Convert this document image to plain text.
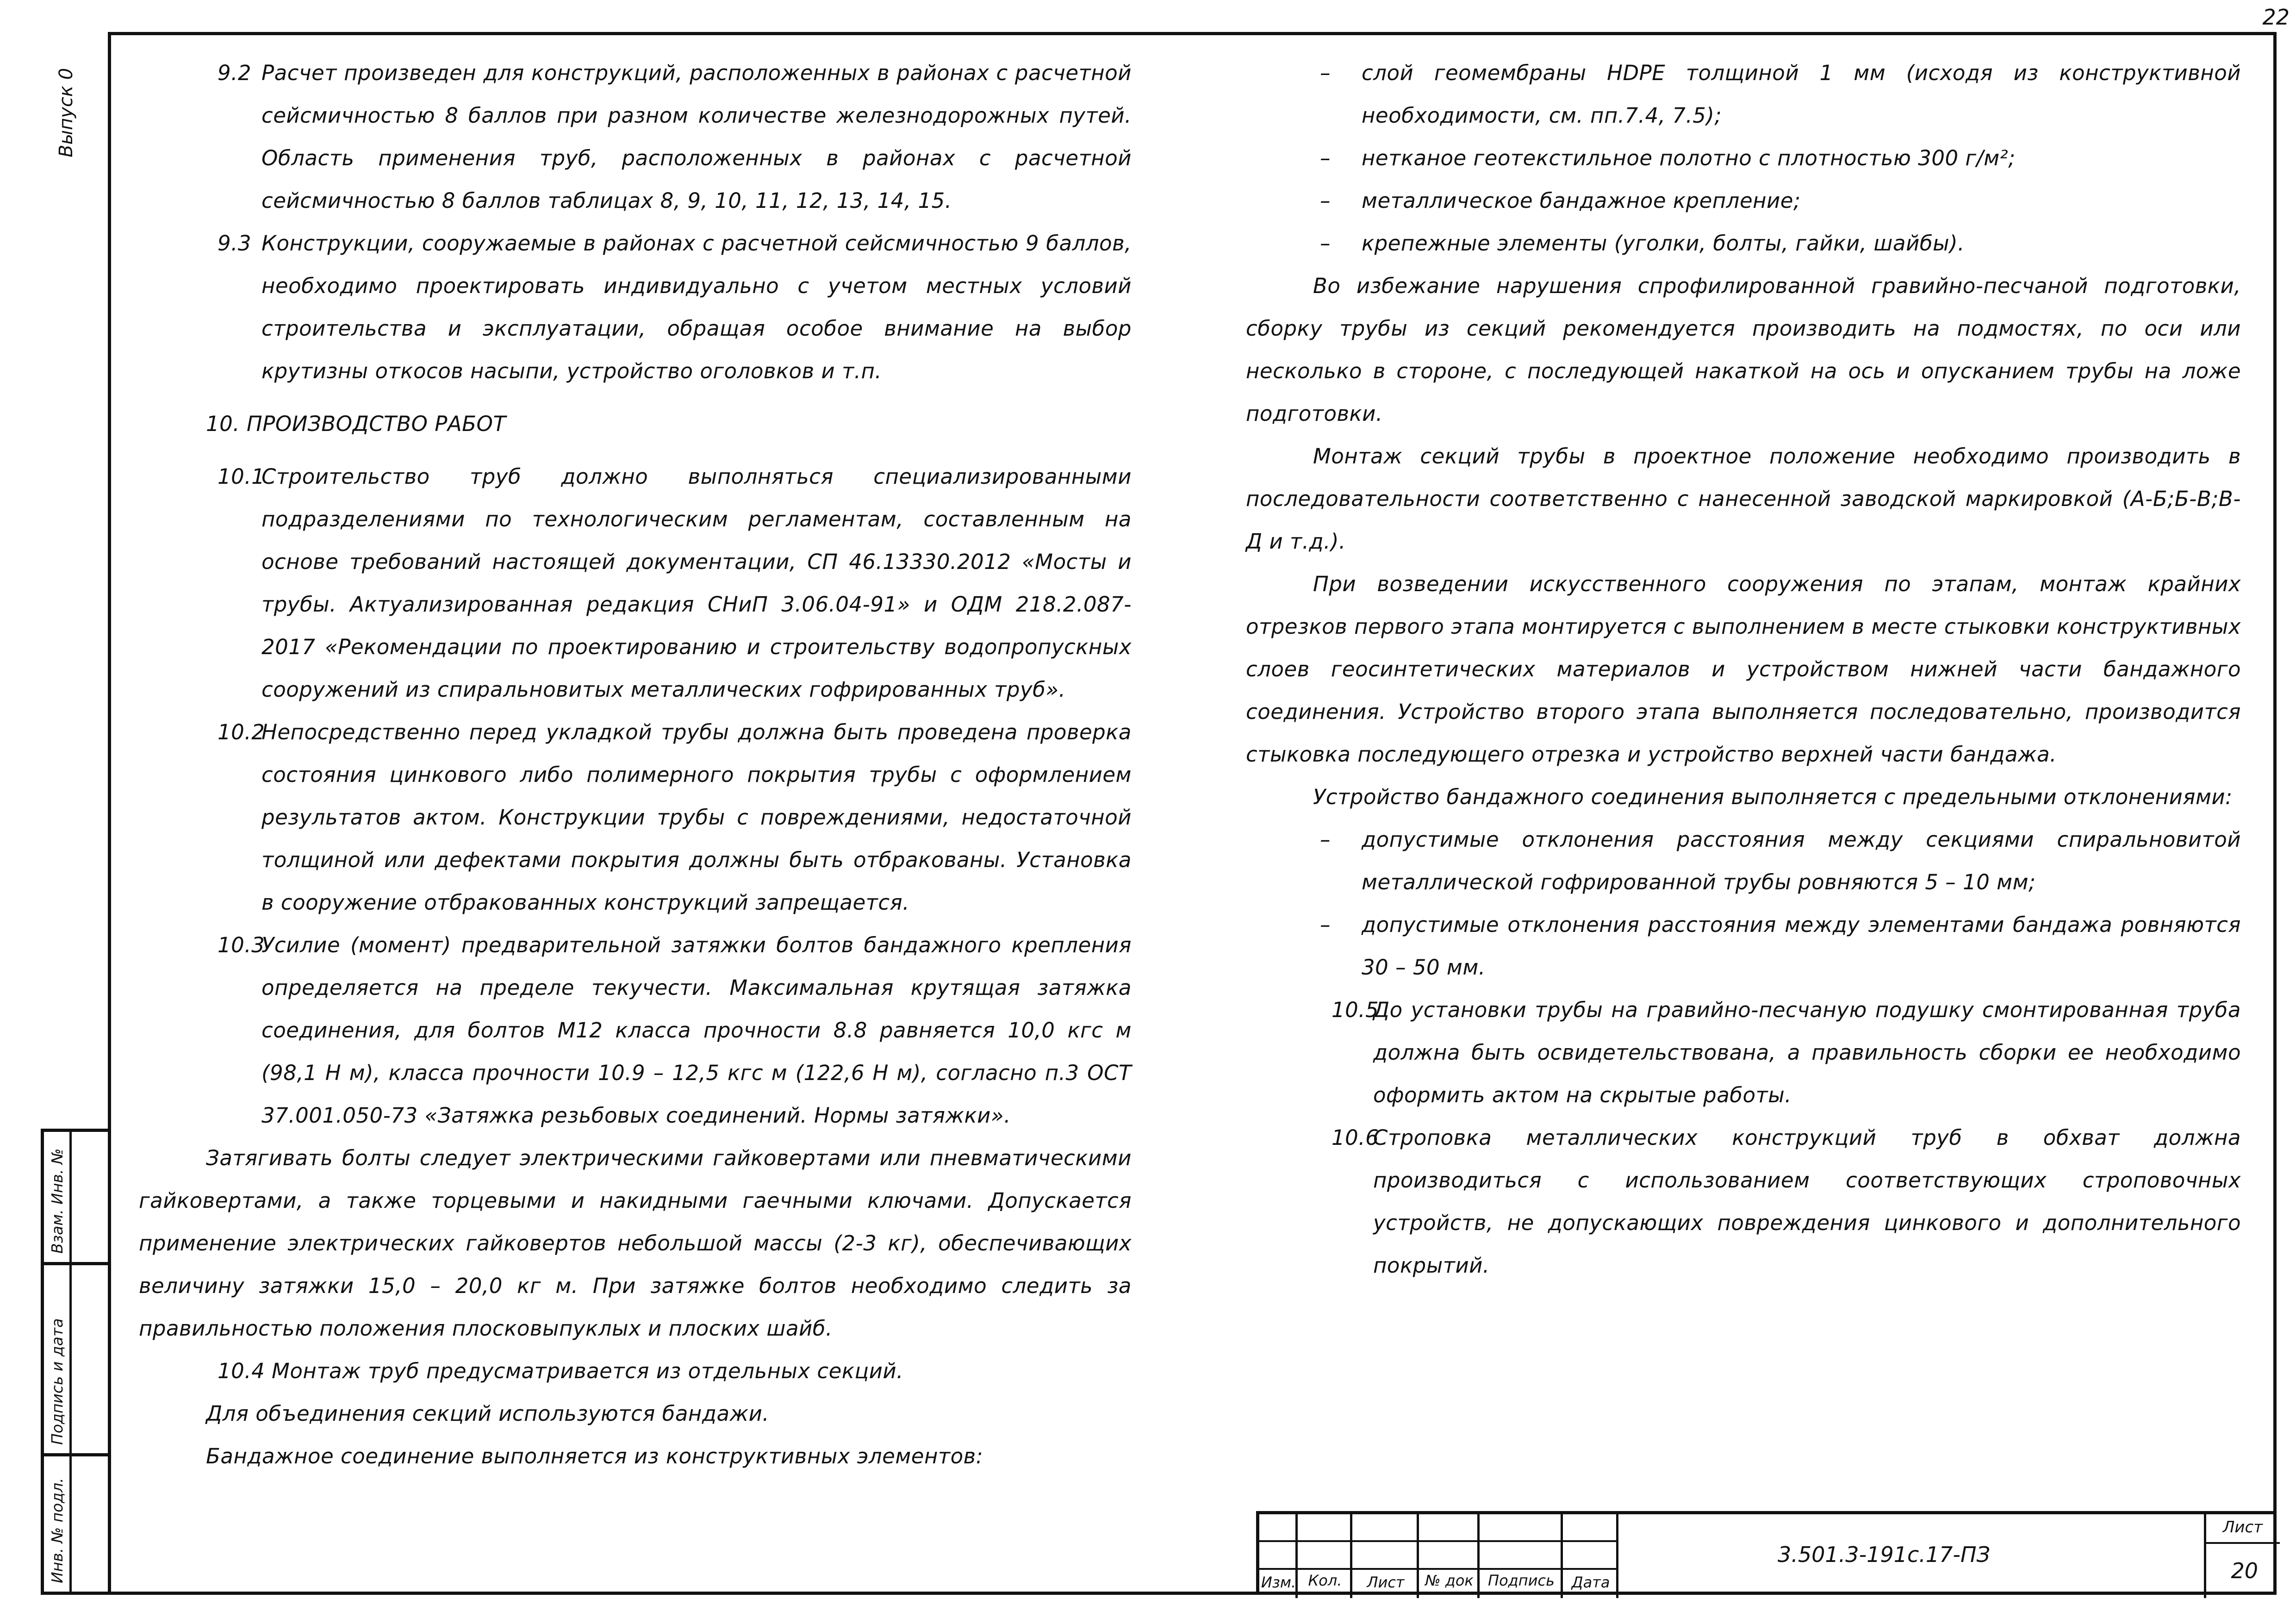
22
Выпуск 0
Взам. Инв. №
Подпись и дата
Инв. № подл.
9.2 Расчет произведен для конструкций, расположенных в районах с расчетной сейсмичностью 8 баллов при разном количестве железнодорожных путей. Область применения труб, расположенных в районах с расчетной сейсмичностью 8 баллов таблицах 8, 9, 10, 11, 12, 13, 14, 15.
9.3 Конструкции, сооружаемые в районах с расчетной сейсмичностью 9 баллов, необходимо проектировать индивидуально с учетом местных условий строительства и эксплуатации, обращая особое внимание на выбор крутизны откосов насыпи, устройство оголовков и т.п.

10. ПРОИЗВОДСТВО РАБОТ

10.1
Строительство труб должно выполняться специализированными подразделениями по технологическим регламентам, составленным на основе требований настоящей документации, СП 46.13330.2012 «Мосты и трубы. Актуализированная редакция СНиП 3.06.04-91» и ОДМ 218.2.087-2017 «Рекомендации по проектированию и строительству водопропускных сооружений из спиральновитых металлических гофрированных труб».
10.2
Непосредственно перед укладкой трубы должна быть проведена проверка состояния цинкового либо полимерного покрытия трубы с оформлением результатов актом. Конструкции трубы с повреждениями, недостаточной толщиной или дефектами покрытия должны быть отбракованы. Установка в сооружение отбракованных конструкций запрещается.
10.3
Усилие (момент) предварительной затяжки болтов бандажного крепления определяется на пределе текучести. Максимальная крутящая затяжка соединения, для болтов М12 класса прочности 8.8 равняется 10,0 кгс м (98,1 Н м), класса прочности 10.9 – 12,5 кгс м (122,6 Н м), согласно п.3 ОСТ 37.001.050-73 «Затяжка резьбовых соединений. Нормы затяжки».

Затягивать болты следует электрическими гайковертами или пневматическими гайковертами, а также торцевыми и накидными гаечными ключами. Допускается применение электрических гайковертов небольшой массы (2-3 кг), обеспечивающих величину затяжки 15,0 – 20,0 кг м. При затяжке болтов необходимо следить за правильностью положения плосковыпуклых и плоских шайб.

10.4 Монтаж труб предусматривается из отдельных секций.

Для объединения секций используются бандажи.

Бандажное соединение выполняется из конструктивных элементов:

–	слой геомембраны HDPE толщиной 1 мм (исходя из конструктивной необходимости, см. пп.7.4, 7.5);
–	нетканое геотекстильное полотно с плотностью 300 г/м²;
–	металлическое бандажное крепление;
–	крепежные элементы (уголки, болты, гайки, шайбы).

Во избежание нарушения спрофилированной гравийно-песчаной подготовки, сборку трубы из секций рекомендуется производить на подмостях, по оси или несколько в стороне, с последующей накаткой на ось и опусканием трубы на ложе подготовки.

Монтаж секций трубы в проектное положение необходимо производить в последовательности соответственно с нанесенной заводской маркировкой (А-Б;Б-В;В-Д и т.д.).

При возведении искусственного сооружения по этапам, монтаж крайних отрезков первого этапа монтируется с выполнением в месте стыковки конструктивных слоев геосинтетических материалов и устройством нижней части бандажного соединения. Устройство второго этапа выполняется последовательно, производится стыковка последующего отрезка и устройство верхней части бандажа.

Устройство бандажного соединения выполняется с предельными отклонениями:

–	допустимые отклонения расстояния между секциями спиральновитой металлической гофрированной трубы ровняются 5 – 10 мм;
–	допустимые отклонения расстояния между элементами бандажа ровняются 30 – 50 мм.
10.5
До установки трубы на гравийно-песчаную подушку смонтированная труба должна быть освидетельствована, а правильность сборки ее необходимо оформить актом на скрытые работы.
10.6
Строповка металлических конструкций труб в обхват должна производиться с использованием соответствующих строповочных устройств, не допускающих повреждения цинкового и дополнительного покрытий.
Изм. Кол.	Лист	№ док Подпись	Дата
3.501.3-191с.17-ПЗ
Лист
20
